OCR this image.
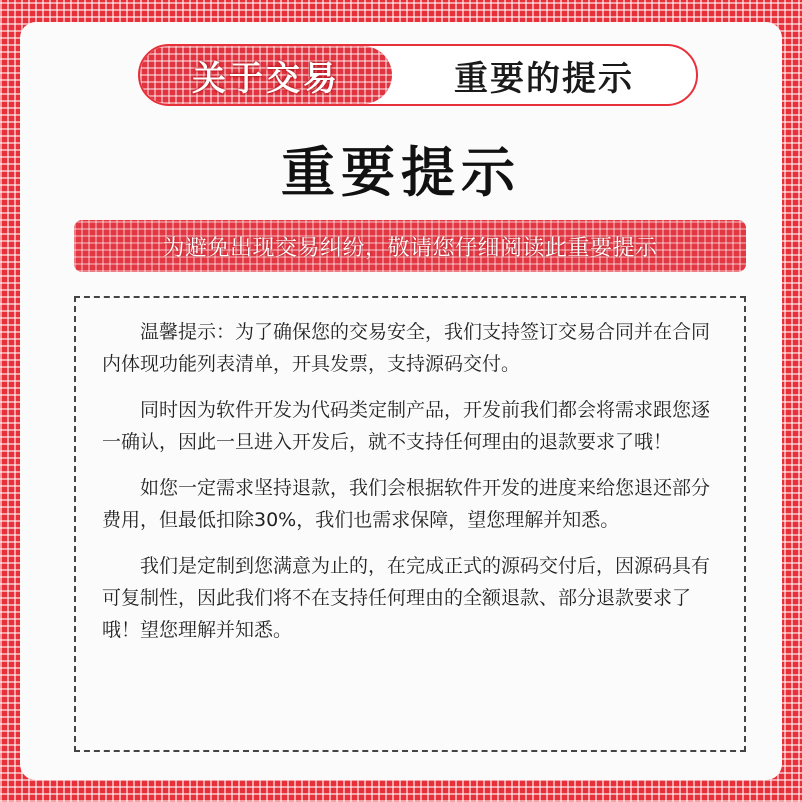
关于交易	重要的提示
重要提示
为避免出现交易纠纷，敬请您仔细阅读此重要提示

温馨提示：为了确保您的交易安全，我们支持签订交易合同并在合同内体现功能列表清单，开具发票，支持源码交付。

同时因为软件开发为代码类定制产品，开发前我们都会将需求跟您逐一确认，因此一旦进入开发后，就不支持任何理由的退款要求了哦！

如您一定需求坚持退款，我们会根据软件开发的进度来给您退还部分费用，但最低扣除30%，我们也需求保障，望您理解并知悉。

我们是定制到您满意为止的，在完成正式的源码交付后，因源码具有可复制性，因此我们将不在支持任何理由的全额退款、部分退款要求了哦！望您理解并知悉。
